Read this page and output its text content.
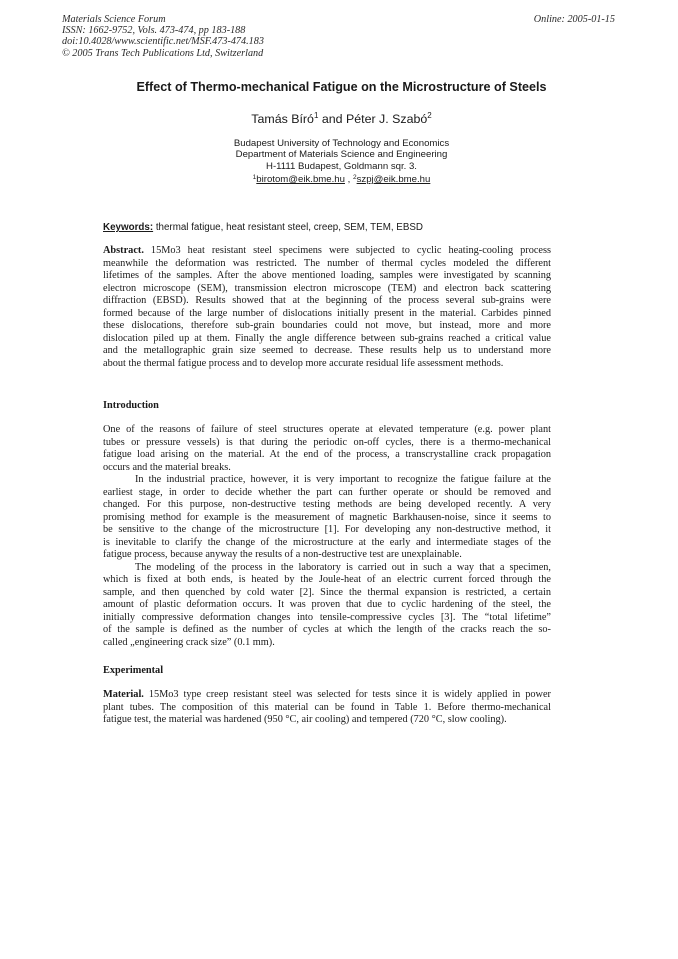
Materials Science Forum
ISSN: 1662-9752, Vols. 473-474, pp 183-188
doi:10.4028/www.scientific.net/MSF.473-474.183
© 2005 Trans Tech Publications Ltd, Switzerland
Online: 2005-01-15
Effect of Thermo-mechanical Fatigue on the Microstructure of Steels
Tamás Bíró$^1$ and Péter J. Szabó$^2$
Budapest University of Technology and Economics
Department of Materials Science and Engineering
H-1111 Budapest, Goldmann sqr. 3.
$^1$birotom@eik.bme.hu , $^2$szpj@eik.bme.hu
Keywords: thermal fatigue, heat resistant steel, creep, SEM, TEM, EBSD
Abstract. 15Mo3 heat resistant steel specimens were subjected to cyclic heating-cooling process
meanwhile the deformation was restricted. The number of thermal cycles modeled the different
lifetimes of the samples. After the above mentioned loading, samples were investigated by scanning
electron microscope (SEM), transmission electron microscope (TEM) and electron back scattering
diffraction (EBSD). Results showed that at the beginning of the process several sub-grains were
formed because of the large number of dislocations initially present in the material. Carbides pinned
these dislocations, therefore sub-grain boundaries could not move, but instead, more and more
dislocation piled up at them. Finally the angle difference between sub-grains reached a critical value
and the metallographic grain size seemed to decrease. These results help us to understand more
about the thermal fatigue process and to develop more accurate residual life assessment methods.
Introduction
One of the reasons of failure of steel structures operate at elevated temperature (e.g. power plant
tubes or pressure vessels) is that during the periodic on-off cycles, there is a thermo-mechanical
fatigue load arising on the material. At the end of the process, a transcrystalline crack propagation
occurs and the material breaks.
In the industrial practice, however, it is very important to recognize the fatigue failure at the
earliest stage, in order to decide whether the part can further operate or should be removed and
changed. For this purpose, non-destructive testing methods are being developed recently. A very
promising method for example is the measurement of magnetic Barkhausen-noise, since it seems to
be sensitive to the change of the microstructure [1]. For developing any non-destructive method, it
is inevitable to clarify the change of the microstructure at the early and intermediate stages of the
fatigue process, because anyway the results of a non-destructive test are unexplainable.
The modeling of the process in the laboratory is carried out in such a way that a specimen,
which is fixed at both ends, is heated by the Joule-heat of an electric current forced through the
sample, and then quenched by cold water [2]. Since the thermal expansion is restricted, a certain
amount of plastic deformation occurs. It was proven that due to cyclic hardening of the steel, the
initially compressive deformation changes into tensile-compressive cycles [3]. The “total lifetime”
of the sample is defined as the number of cycles at which the length of the cracks reach the so-
called „engineering crack size” (0.1 mm).
Experimental
Material. 15Mo3 type creep resistant steel was selected for tests since it is widely applied in power
plant tubes. The composition of this material can be found in Table 1. Before thermo-mechanical
fatigue test, the material was hardened (950 °C, air cooling) and tempered (720 °C, slow cooling).
